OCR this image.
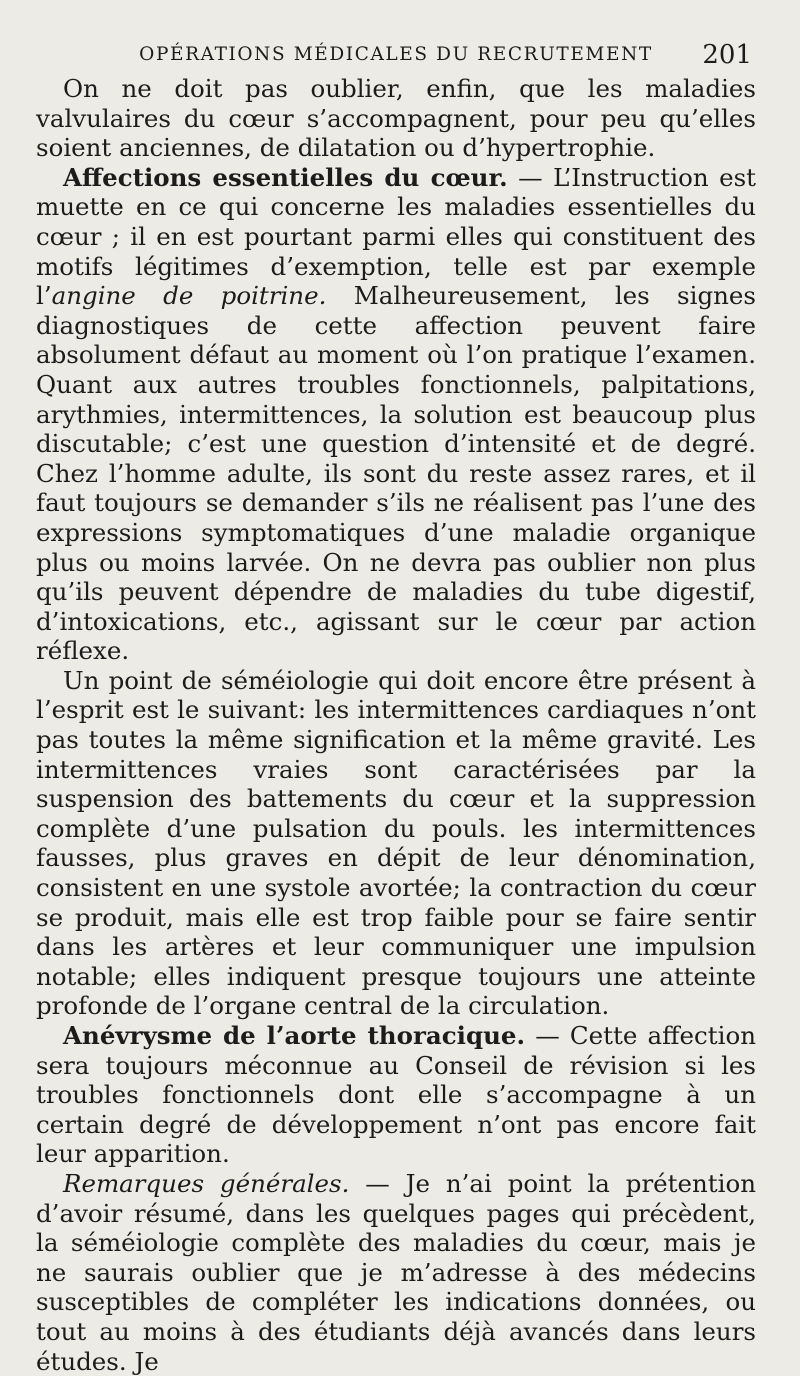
OPÉRATIONS MÉDICALES DU RECRUTEMENT 201

On ne doit pas oublier, enfin, que les maladies valvulaires du cœur s’accompagnent, pour peu qu’elles soient anciennes, de dilatation ou d’hypertrophie.

Affections essentielles du cœur. — L’Instruction est muette en ce qui concerne les maladies essentielles du cœur ; il en est pourtant parmi elles qui constituent des motifs légitimes d’exemption, telle est par exemple l’angine de poitrine. Malheureusement, les signes diagnostiques de cette affection peuvent faire absolument défaut au moment où l’on pratique l’examen. Quant aux autres troubles fonctionnels, palpitations, arythmies, intermittences, la solution est beaucoup plus discutable; c’est une question d’intensité et de degré. Chez l’homme adulte, ils sont du reste assez rares, et il faut toujours se demander s’ils ne réalisent pas l’une des expressions symptomatiques d’une maladie organique plus ou moins larvée. On ne devra pas oublier non plus qu’ils peuvent dépendre de maladies du tube digestif, d’intoxications, etc., agissant sur le cœur par action réflexe.

Un point de séméiologie qui doit encore être présent à l’esprit est le suivant: les intermittences cardiaques n’ont pas toutes la même signification et la même gravité. Les intermittences vraies sont caractérisées par la suspension des battements du cœur et la suppression complète d’une pulsation du pouls. les intermittences fausses, plus graves en dépit de leur dénomination, consistent en une systole avortée; la contraction du cœur se produit, mais elle est trop faible pour se faire sentir dans les artères et leur communiquer une impulsion notable; elles indiquent presque toujours une atteinte profonde de l’organe central de la circulation.

Anévrysme de l’aorte thoracique. — Cette affection sera toujours méconnue au Conseil de révision si les troubles fonctionnels dont elle s’accompagne à un certain degré de développement n’ont pas encore fait leur apparition.

Remarques générales. — Je n’ai point la prétention d’avoir résumé, dans les quelques pages qui précèdent, la séméiologie complète des maladies du cœur, mais je ne saurais oublier que je m’adresse à des médecins susceptibles de compléter les indications données, ou tout au moins à des étudiants déjà avancés dans leurs études. Je
